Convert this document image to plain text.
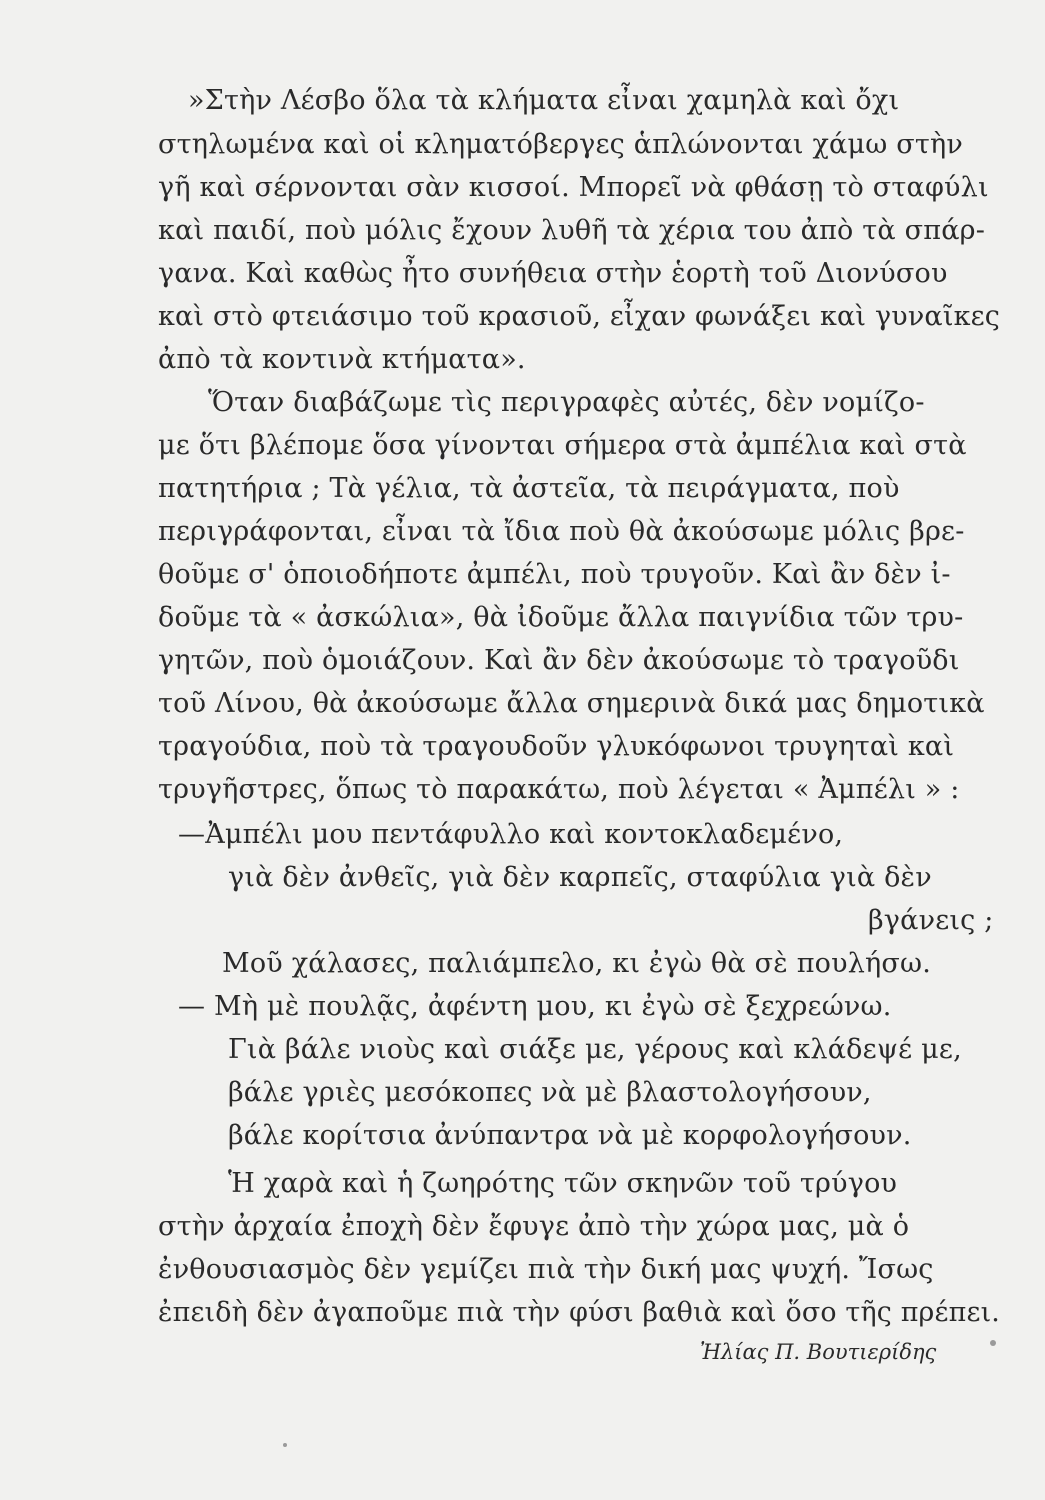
»Στὴν Λέσβο ὅλα τὰ κλήματα εἶναι χαμηλὰ καὶ ὄχι
στηλωμένα καὶ οἱ κληματόβεργες ἁπλώνονται χάμω στὴν
γῆ καὶ σέρνονται σὰν κισσοί. Μπορεῖ νὰ φθάσῃ τὸ σταφύλι
καὶ παιδί, ποὺ μόλις ἔχουν λυθῆ τὰ χέρια του ἀπὸ τὰ σπάρ-
γανα. Καὶ καθὼς ἦτο συνήθεια στὴν ἑορτὴ τοῦ Διονύσου
καὶ στὸ φτειάσιμο τοῦ κρασιοῦ, εἶχαν φωνάξει καὶ γυναῖκες
ἀπὸ τὰ κοντινὰ κτήματα».
Ὅταν διαβάζωμε τὶς περιγραφὲς αὐτές, δὲν νομίζο-
με ὅτι βλέπομε ὅσα γίνονται σήμερα στὰ ἀμπέλια καὶ στὰ
πατητήρια ; Τὰ γέλια, τὰ ἀστεῖα, τὰ πειράγματα, ποὺ
περιγράφονται, εἶναι τὰ ἴδια ποὺ θὰ ἀκούσωμε μόλις βρε-
θοῦμε σ' ὁποιοδήποτε ἀμπέλι, ποὺ τρυγοῦν. Καὶ ἂν δὲν ἰ-
δοῦμε τὰ « ἀσκώλια», θὰ ἰδοῦμε ἄλλα παιγνίδια τῶν τρυ-
γητῶν, ποὺ ὁμοιάζουν. Καὶ ἂν δὲν ἀκούσωμε τὸ τραγοῦδι
τοῦ Λίνου, θὰ ἀκούσωμε ἄλλα σημερινὰ δικά μας δημοτικὰ
τραγούδια, ποὺ τὰ τραγουδοῦν γλυκόφωνοι τρυγηταὶ καὶ
τρυγῆστρες, ὅπως τὸ παρακάτω, ποὺ λέγεται « Ἀμπέλι » :
—Ἀμπέλι μου πεντάφυλλο καὶ κοντοκλαδεμένο,
γιὰ δὲν ἀνθεῖς, γιὰ δὲν καρπεῖς, σταφύλια γιὰ δὲν
βγάνεις ;
Μοῦ χάλασες, παλιάμπελο, κι ἐγὼ θὰ σὲ πουλήσω.
— Μὴ μὲ πουλᾷς, ἀφέντη μου, κι ἐγὼ σὲ ξεχρεώνω.
Γιὰ βάλε νιοὺς καὶ σιάξε με, γέρους καὶ κλάδεψέ με,
βάλε γριὲς μεσόκοπες νὰ μὲ βλαστολογήσουν,
βάλε κορίτσια ἀνύπαντρα νὰ μὲ κορφολογήσουν.
Ἡ χαρὰ καὶ ἡ ζωηρότης τῶν σκηνῶν τοῦ τρύγου
στὴν ἀρχαία ἐποχὴ δὲν ἔφυγε ἀπὸ τὴν χώρα μας, μὰ ὁ
ἐνθουσιασμὸς δὲν γεμίζει πιὰ τὴν δική μας ψυχή. Ἴσως
ἐπειδὴ δὲν ἀγαποῦμε πιὰ τὴν φύσι βαθιὰ καὶ ὅσο τῆς πρέπει.
Ἠλίας Π. Βουτιερίδης
